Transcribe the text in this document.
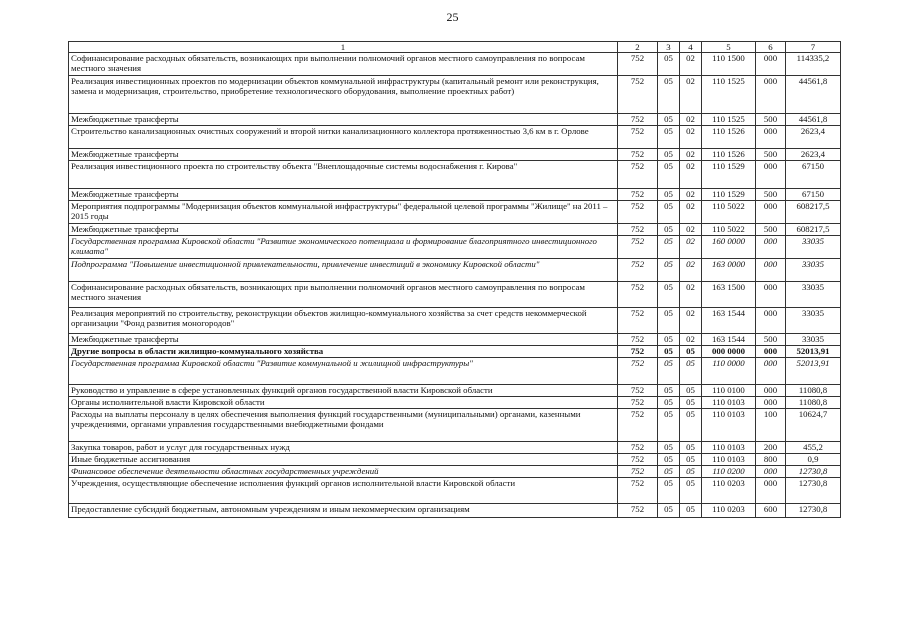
25
1	2	3	4	5	6	7
Софинансирование расходных обязательств, возникающих при выполнении полномочий органов местного самоуправления по вопросам местного значения	752	05	02	110 1500	000	114335,2
Реализация инвестиционных проектов по модернизации объектов коммунальной инфраструктуры (капитальный ремонт или реконструкция, замена и модернизация, строительство, приобретение технологического оборудования, выполнение проектных работ)	752	05	02	110 1525	000	44561,8
Межбюджетные трансферты	752	05	02	110 1525	500	44561,8
Строительство канализационных очистных сооружений и второй нитки канализационного коллектора протяженностью 3,6 км в г. Орлове	752	05	02	110 1526	000	2623,4
Межбюджетные трансферты	752	05	02	110 1526	500	2623,4
Реализация инвестиционного проекта по строительству объекта "Внеплощадочные системы водоснабжения г. Кирова"	752	05	02	110 1529	000	67150
Межбюджетные трансферты	752	05	02	110 1529	500	67150
Мероприятия подпрограммы "Модернизация объектов коммунальной инфраструктуры" федеральной целевой программы "Жилище" на 2011 – 2015 годы	752	05	02	110 5022	000	608217,5
Межбюджетные трансферты	752	05	02	110 5022	500	608217,5
Государственная программа Кировской области "Развитие экономического потенциала и формирование благоприятного инвестиционного климата"	752	05	02	160 0000	000	33035
Подпрограмма "Повышение инвестиционной привлекательности, привлечение инвестиций в экономику Кировской области"	752	05	02	163 0000	000	33035
Софинансирование расходных обязательств, возникающих при выполнении полномочий органов местного самоуправления по вопросам местного значения	752	05	02	163 1500	000	33035
Реализация мероприятий по строительству, реконструкции объектов жилищно-коммунального хозяйства за счет средств некоммерческой организации "Фонд развития моногородов"	752	05	02	163 1544	000	33035
Межбюджетные трансферты	752	05	02	163 1544	500	33035
Другие вопросы в области жилищно-коммунального хозяйства	752	05	05	000 0000	000	52013,91
Государственная программа Кировской области "Развитие коммунальной и жилищной инфраструктуры"	752	05	05	110 0000	000	52013,91
Руководство и управление в сфере установленных функций органов государственной власти Кировской области	752	05	05	110 0100	000	11080,8
Органы исполнительной власти Кировской области	752	05	05	110 0103	000	11080,8
Расходы на выплаты персоналу в целях обеспечения выполнения функций государственными (муниципальными) органами, казенными учреждениями, органами управления государственными внебюджетными фондами	752	05	05	110 0103	100	10624,7
Закупка товаров, работ и услуг для государственных нужд	752	05	05	110 0103	200	455,2
Иные бюджетные ассигнования	752	05	05	110 0103	800	0,9
Финансовое обеспечение деятельности областных государственных учреждений	752	05	05	110 0200	000	12730,8
Учреждения, осуществляющие обеспечение исполнения функций органов исполнительной власти Кировской области	752	05	05	110 0203	000	12730,8
Предоставление субсидий бюджетным, автономным учреждениям и иным некоммерческим организациям	752	05	05	110 0203	600	12730,8
